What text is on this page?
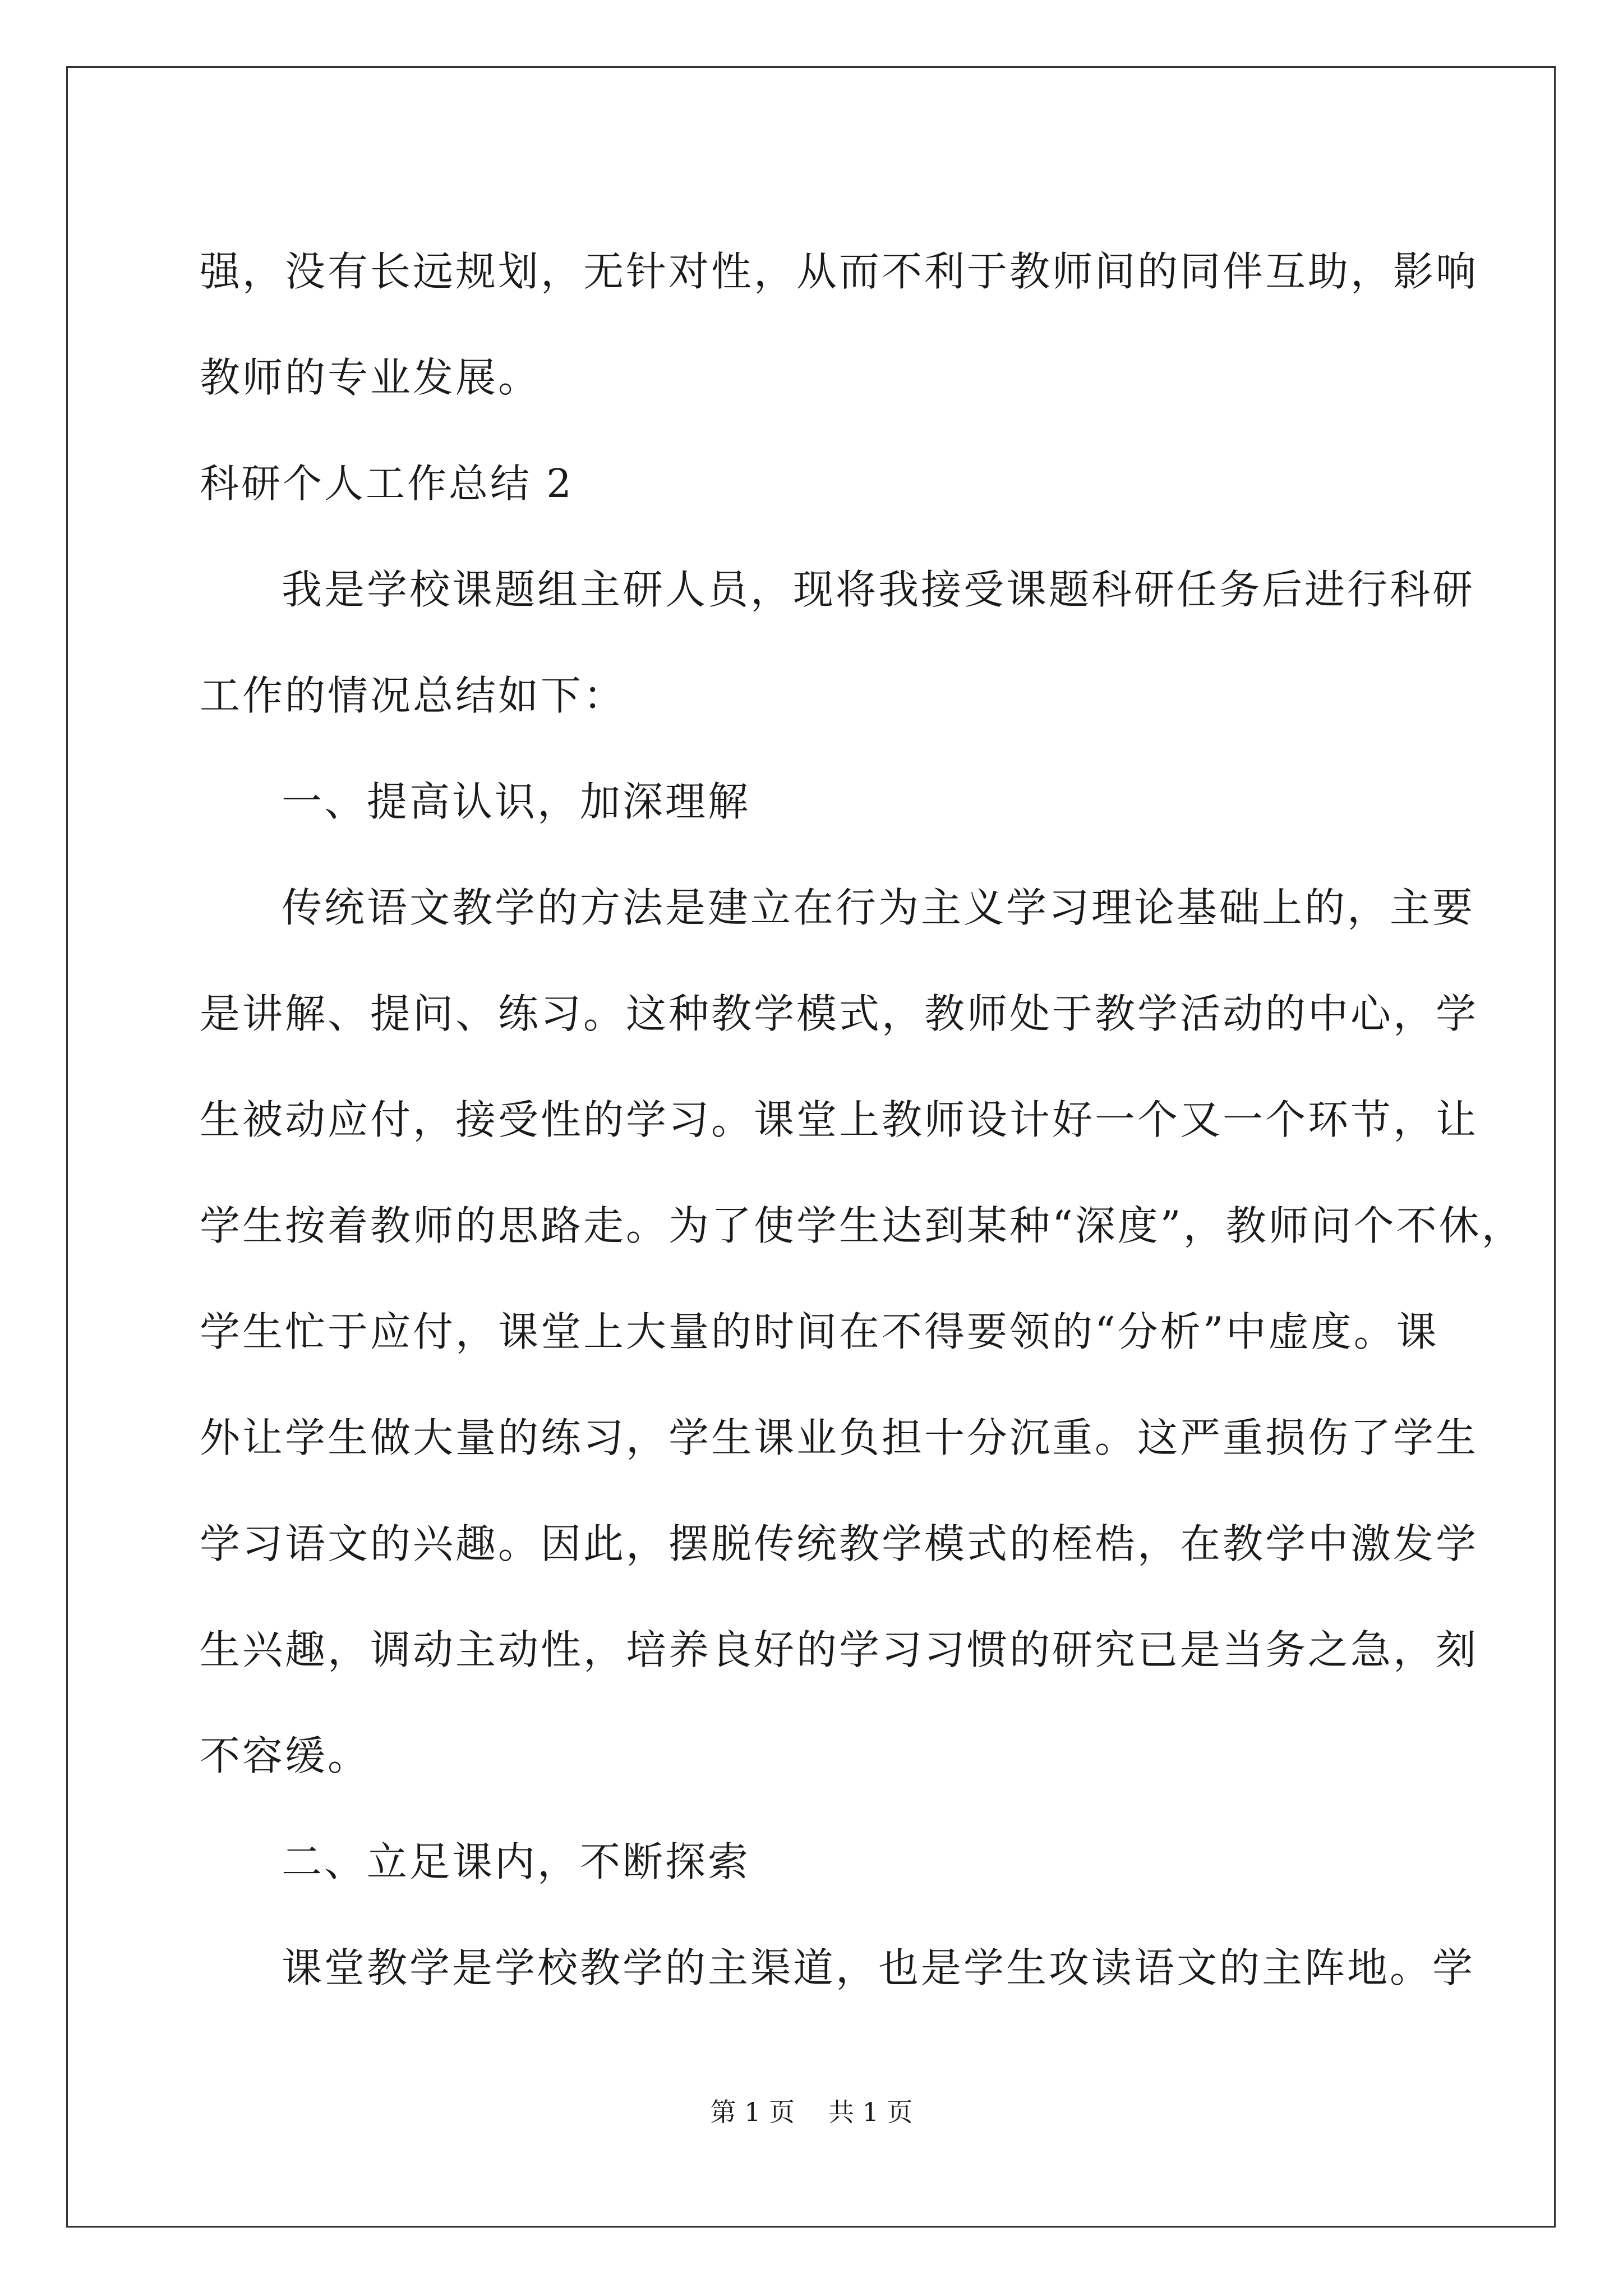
强，没有长远规划，无针对性，从而不利于教师间的同伴互助，影响
教师的专业发展。
科研个人工作总结 2
我是学校课题组主研人员，现将我接受课题科研任务后进行科研
工作的情况总结如下：
一、提高认识，加深理解
传统语文教学的方法是建立在行为主义学习理论基础上的，主要
是讲解、提问、练习。这种教学模式，教师处于教学活动的中心，学
生被动应付，接受性的学习。课堂上教师设计好一个又一个环节，让
学生按着教师的思路走。为了使学生达到某种“深度”，教师问个不休，
学生忙于应付，课堂上大量的时间在不得要领的“分析”中虚度。课
外让学生做大量的练习，学生课业负担十分沉重。这严重损伤了学生
学习语文的兴趣。因此，摆脱传统教学模式的桎梏，在教学中激发学
生兴趣，调动主动性，培养良好的学习习惯的研究已是当务之急，刻
不容缓。
二、立足课内，不断探索
课堂教学是学校教学的主渠道，也是学生攻读语文的主阵地。学
第 1 页 共 1 页
